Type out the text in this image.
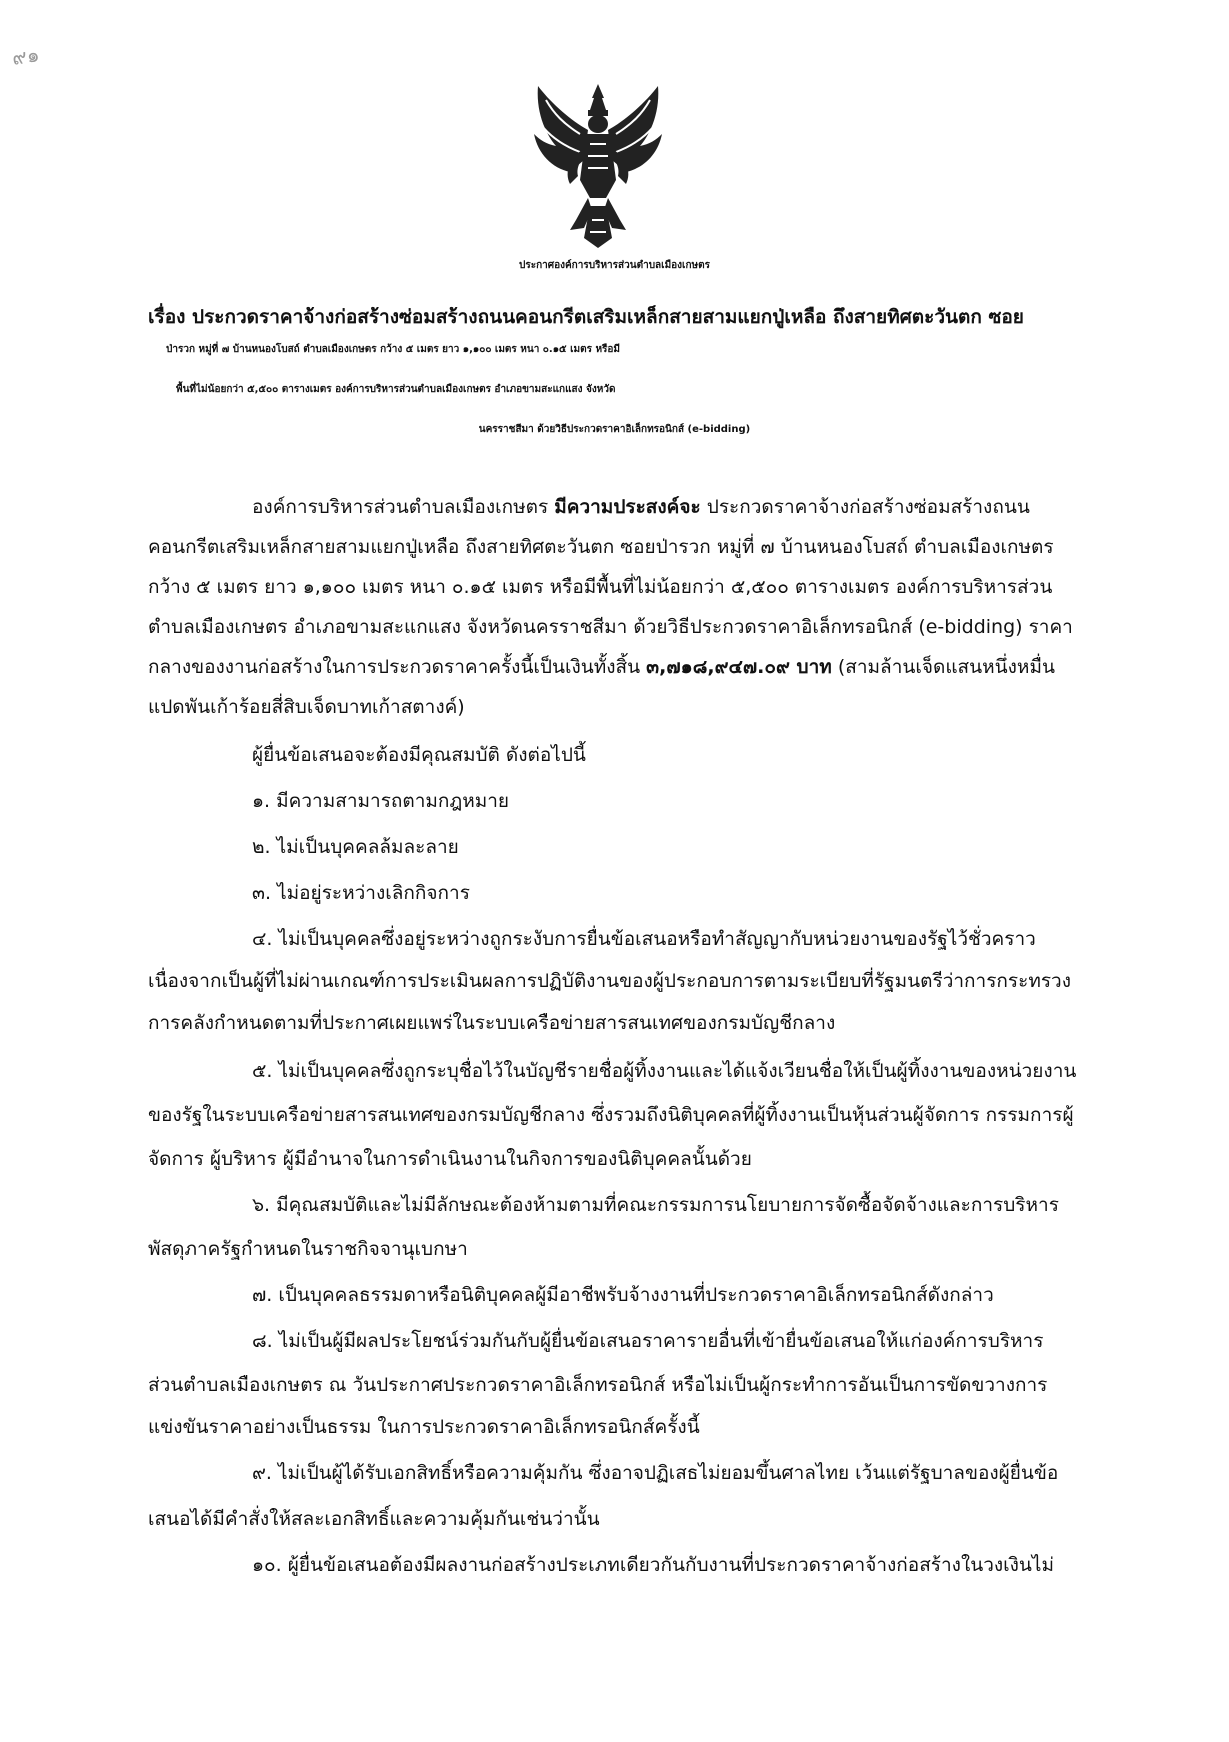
๙๑
ประกาศองค์การบริหารส่วนตำบลเมืองเกษตร
เรื่อง ประกวดราคาจ้างก่อสร้างซ่อมสร้างถนนคอนกรีตเสริมเหล็กสายสามแยกปู่เหลือ ถึงสายทิศตะวันตก ซอย
ป่ารวก หมู่ที่ ๗ บ้านหนองโบสถ์ ตำบลเมืองเกษตร กว้าง ๕ เมตร ยาว ๑,๑๐๐ เมตร หนา ๐.๑๕ เมตร หรือมี
พื้นที่ไม่น้อยกว่า ๕,๕๐๐ ตารางเมตร องค์การบริหารส่วนตำบลเมืองเกษตร อำเภอขามสะแกแสง จังหวัด
นครราชสีมา ด้วยวิธีประกวดราคาอิเล็กทรอนิกส์ (e-bidding)
องค์การบริหารส่วนตำบลเมืองเกษตร มีความประสงค์จะ ประกวดราคาจ้างก่อสร้างซ่อมสร้างถนน
คอนกรีตเสริมเหล็กสายสามแยกปู่เหลือ ถึงสายทิศตะวันตก ซอยป่ารวก หมู่ที่ ๗ บ้านหนองโบสถ์ ตำบลเมืองเกษตร
กว้าง ๕ เมตร ยาว ๑,๑๐๐ เมตร หนา ๐.๑๕ เมตร หรือมีพื้นที่ไม่น้อยกว่า ๕,๕๐๐ ตารางเมตร องค์การบริหารส่วน
ตำบลเมืองเกษตร อำเภอขามสะแกแสง จังหวัดนครราชสีมา ด้วยวิธีประกวดราคาอิเล็กทรอนิกส์ (e-bidding) ราคา
กลางของงานก่อสร้างในการประกวดราคาครั้งนี้เป็นเงินทั้งสิ้น ๓,๗๑๘,๙๔๗.๐๙ บาท (สามล้านเจ็ดแสนหนึ่งหมื่น
แปดพันเก้าร้อยสี่สิบเจ็ดบาทเก้าสตางค์)
ผู้ยื่นข้อเสนอจะต้องมีคุณสมบัติ ดังต่อไปนี้
๑. มีความสามารถตามกฎหมาย
๒. ไม่เป็นบุคคลล้มละลาย
๓. ไม่อยู่ระหว่างเลิกกิจการ
๔. ไม่เป็นบุคคลซึ่งอยู่ระหว่างถูกระงับการยื่นข้อเสนอหรือทำสัญญากับหน่วยงานของรัฐไว้ชั่วคราว
เนื่องจากเป็นผู้ที่ไม่ผ่านเกณฑ์การประเมินผลการปฏิบัติงานของผู้ประกอบการตามระเบียบที่รัฐมนตรีว่าการกระทรวง
การคลังกำหนดตามที่ประกาศเผยแพร่ในระบบเครือข่ายสารสนเทศของกรมบัญชีกลาง
๕. ไม่เป็นบุคคลซึ่งถูกระบุชื่อไว้ในบัญชีรายชื่อผู้ทิ้งงานและได้แจ้งเวียนชื่อให้เป็นผู้ทิ้งงานของหน่วยงาน
ของรัฐในระบบเครือข่ายสารสนเทศของกรมบัญชีกลาง ซึ่งรวมถึงนิติบุคคลที่ผู้ทิ้งงานเป็นหุ้นส่วนผู้จัดการ กรรมการผู้
จัดการ ผู้บริหาร ผู้มีอำนาจในการดำเนินงานในกิจการของนิติบุคคลนั้นด้วย
๖. มีคุณสมบัติและไม่มีลักษณะต้องห้ามตามที่คณะกรรมการนโยบายการจัดซื้อจัดจ้างและการบริหาร
พัสดุภาครัฐกำหนดในราชกิจจานุเบกษา
๗. เป็นบุคคลธรรมดาหรือนิติบุคคลผู้มีอาชีพรับจ้างงานที่ประกวดราคาอิเล็กทรอนิกส์ดังกล่าว
๘. ไม่เป็นผู้มีผลประโยชน์ร่วมกันกับผู้ยื่นข้อเสนอราคารายอื่นที่เข้ายื่นข้อเสนอให้แก่องค์การบริหาร
ส่วนตำบลเมืองเกษตร ณ วันประกาศประกวดราคาอิเล็กทรอนิกส์ หรือไม่เป็นผู้กระทำการอันเป็นการขัดขวางการ
แข่งขันราคาอย่างเป็นธรรม ในการประกวดราคาอิเล็กทรอนิกส์ครั้งนี้
๙. ไม่เป็นผู้ได้รับเอกสิทธิ์หรือความคุ้มกัน ซึ่งอาจปฏิเสธไม่ยอมขึ้นศาลไทย เว้นแต่รัฐบาลของผู้ยื่นข้อ
เสนอได้มีคำสั่งให้สละเอกสิทธิ์และความคุ้มกันเช่นว่านั้น
๑๐. ผู้ยื่นข้อเสนอต้องมีผลงานก่อสร้างประเภทเดียวกันกับงานที่ประกวดราคาจ้างก่อสร้างในวงเงินไม่
